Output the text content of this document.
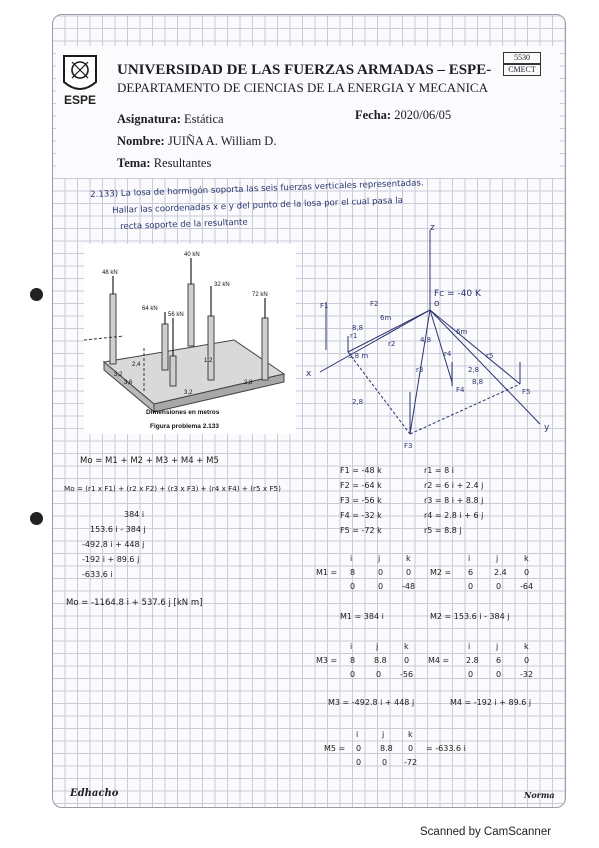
ESPE
UNIVERSIDAD DE LAS FUERZAS ARMADAS – ESPE-
5530
CMECT
DEPARTAMENTO DE CIENCIAS DE LA ENERGIA Y MECANICA
Asignatura: Estática	Fecha: 2020/06/05
Nombre: JUIÑA A. William D.
Tema: Resultantes
2.133) La losa de hormigón soporta las seis fuerzas verticales representadas.
Hallar las coordenadas x e y del punto de la losa por el cual pasa la
recta soporte de la resultante
48 kN
40 kN
32 kN
64 kN
56 kN
72 kN
3,6
3,2
2,8
3,2
2,4
1,2
Dimensiones en metros
Figura problema 2.133
z
x
y
o
Fc = -40 K
F1	F2
F3
F4	F5
r1
r2
r3
r4	r5
6m
6m
8,8
8,8
4,8
3,8 m
2,8
2,8
Mo = M1 + M2 + M3 + M4 + M5
Mo = (r1 x F1) + (r2 x F2) + (r3 x F3) + (r4 x F4) + (r5 x F5)
384 i
153.6 i - 384 j
-492.8 i + 448 j
-192 i + 89.6 j
-633.6 i
Mo = -1164.8 i + 537.6 j [kN m]
F1 = -48 k
F2 = -64 k
F3 = -56 k
F4 = -32 k
F5 = -72 k
r1 = 8 i
r2 = 6 i + 2.4 j
r3 = 8 i + 8.8 j
r4 = 2.8 i + 6 j
r5 = 8.8 j
M1 =
i	j	k
8	0	0
0	0 -48
M2 =
i	j	k
6	2.4 0
0	0 -64
M1 = 384 i	M2 = 153.6 i - 384 j
M3 =
i	j	k
8 8.8 0
0	0 -56
M4 =
i	j	k
2.8 6	0
0	0 -32
M3 = -492.8 i + 448 j	M4 = -192 i + 89.6 j
M5 =
i	j	k
0 8.8 0
0	0 -72
= -633.6 i
Edhacho	Norma
Scanned by CamScanner
